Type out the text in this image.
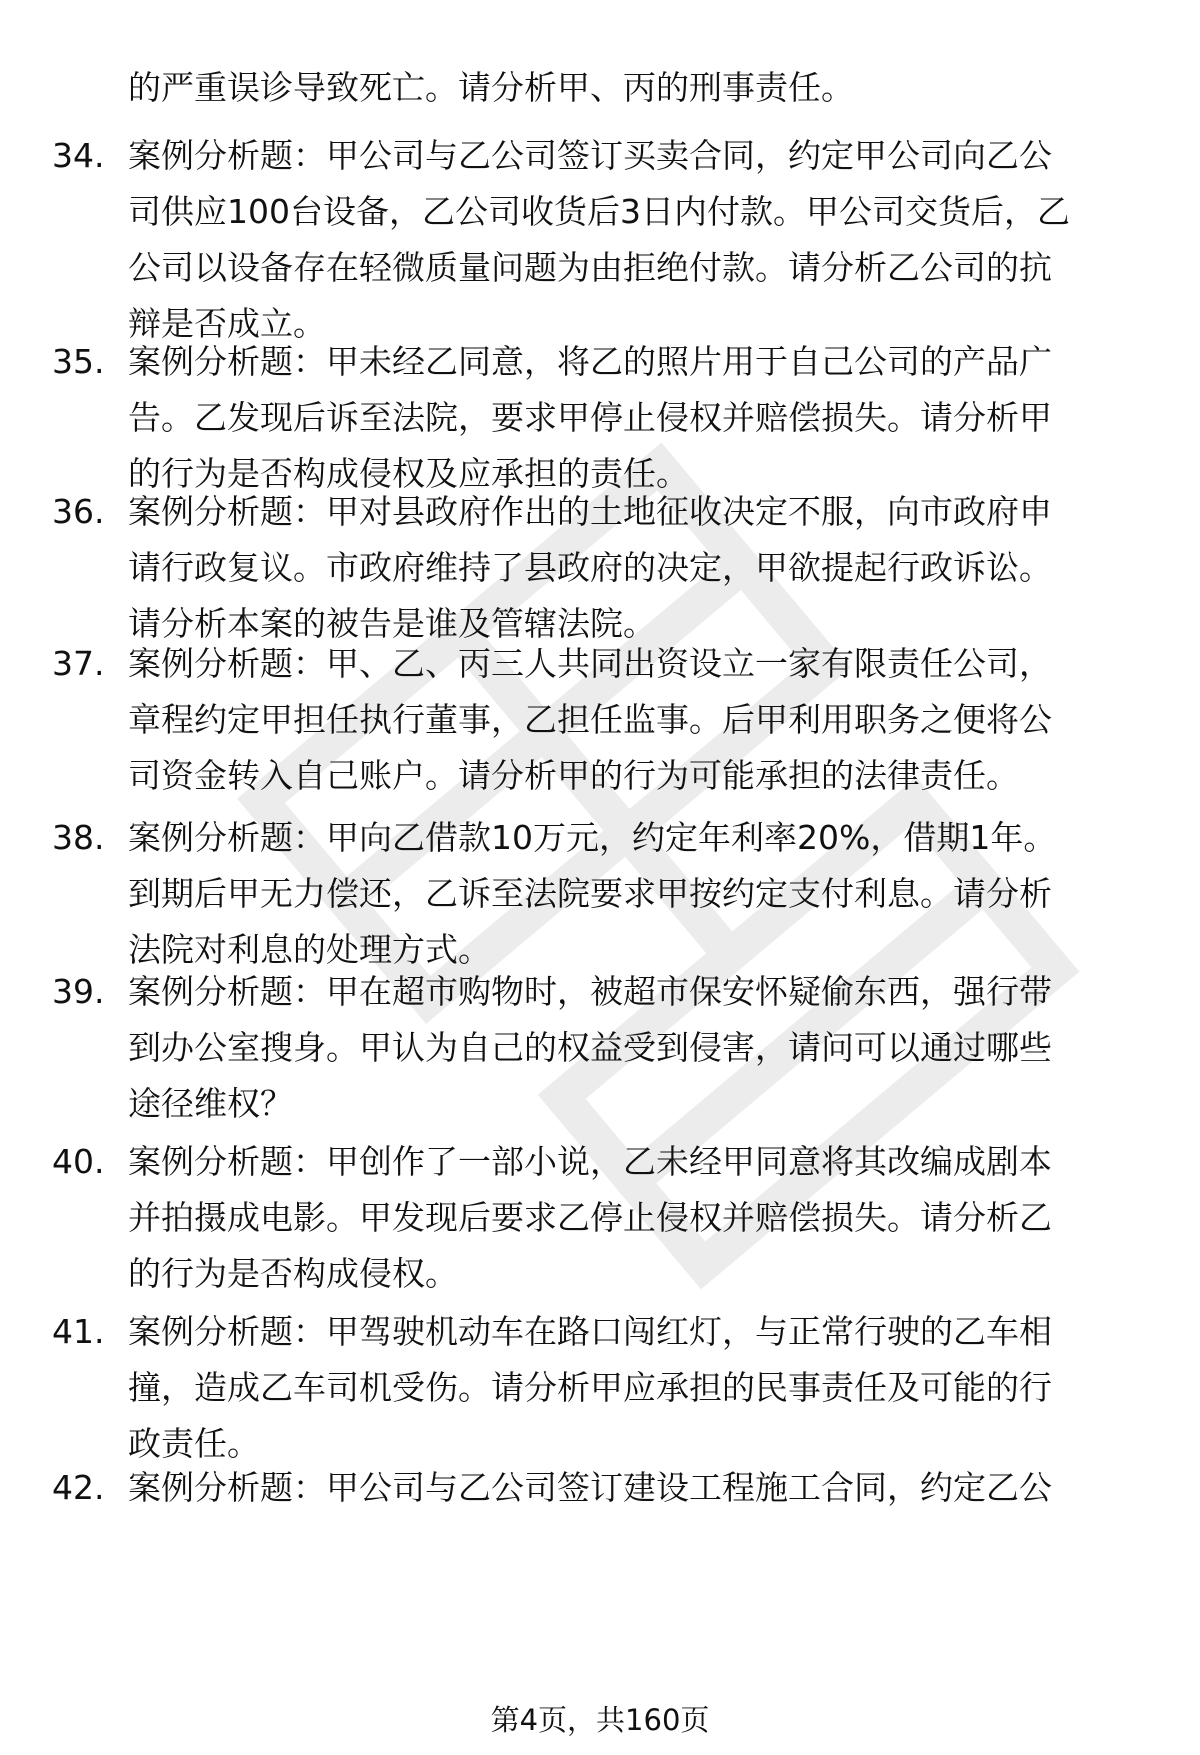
的严重误诊导致死亡。请分析甲、丙的刑事责任。
34. 案例分析题：甲公司与乙公司签订买卖合同，约定甲公司向乙公
司供应100台设备，乙公司收货后3日内付款。甲公司交货后，乙
公司以设备存在轻微质量问题为由拒绝付款。请分析乙公司的抗
辩是否成立。
35. 案例分析题：甲未经乙同意，将乙的照片用于自己公司的产品广
告。乙发现后诉至法院，要求甲停止侵权并赔偿损失。请分析甲
的行为是否构成侵权及应承担的责任。
36. 案例分析题：甲对县政府作出的土地征收决定不服，向市政府申
请行政复议。市政府维持了县政府的决定，甲欲提起行政诉讼。
请分析本案的被告是谁及管辖法院。
37. 案例分析题：甲、乙、丙三人共同出资设立一家有限责任公司，
章程约定甲担任执行董事，乙担任监事。后甲利用职务之便将公
司资金转入自己账户。请分析甲的行为可能承担的法律责任。
38. 案例分析题：甲向乙借款10万元，约定年利率20%，借期1年。
到期后甲无力偿还，乙诉至法院要求甲按约定支付利息。请分析
法院对利息的处理方式。
39. 案例分析题：甲在超市购物时，被超市保安怀疑偷东西，强行带
到办公室搜身。甲认为自己的权益受到侵害，请问可以通过哪些
途径维权？
40. 案例分析题：甲创作了一部小说，乙未经甲同意将其改编成剧本
并拍摄成电影。甲发现后要求乙停止侵权并赔偿损失。请分析乙
的行为是否构成侵权。
41. 案例分析题：甲驾驶机动车在路口闯红灯，与正常行驶的乙车相
撞，造成乙车司机受伤。请分析甲应承担的民事责任及可能的行
政责任。
42. 案例分析题：甲公司与乙公司签订建设工程施工合同，约定乙公
第4页，共160页
